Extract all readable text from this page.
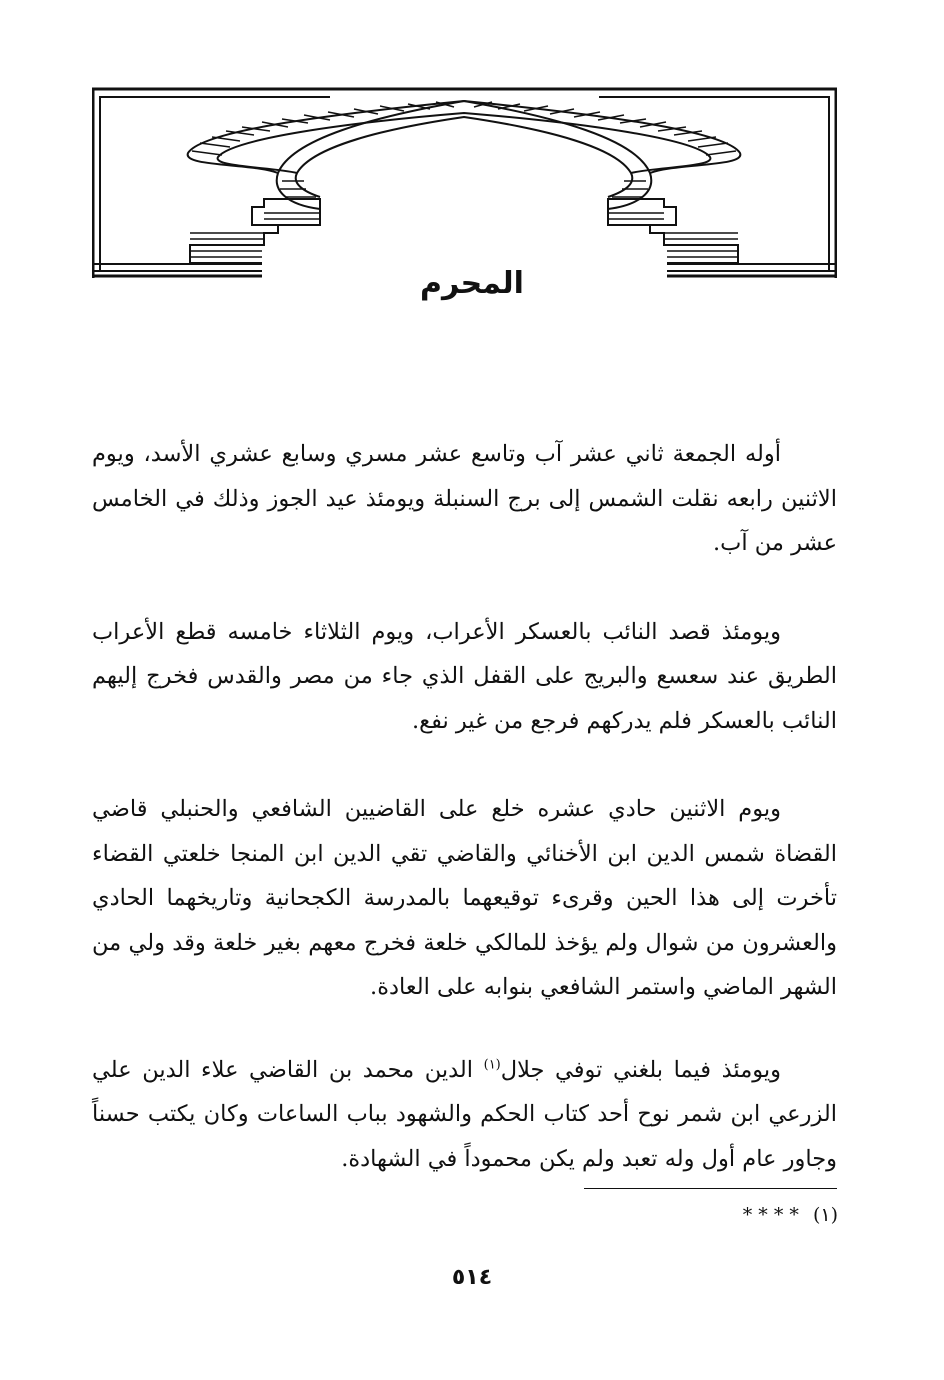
المحرم

أوله الجمعة ثاني عشر آب وتاسع عشر مسري وسابع عشري الأسد، ويوم الاثنين رابعه نقلت الشمس إلى برج السنبلة ويومئذ عيد الجوز وذلك في الخامس عشر من آب.

ويومئذ قصد النائب بالعسكر الأعراب، ويوم الثلاثاء خامسه قطع الأعراب الطريق عند سعسع والبريج على القفل الذي جاء من مصر والقدس فخرج إليهم النائب بالعسكر فلم يدركهم فرجع من غير نفع.

ويوم الاثنين حادي عشره خلع على القاضيين الشافعي والحنبلي قاضي القضاة شمس الدين ابن الأخنائي والقاضي تقي الدين ابن المنجا خلعتي القضاء تأخرت إلى هذا الحين وقرىء توقيعهما بالمدرسة الكجحانية وتاريخهما الحادي والعشرون من شوال ولم يؤخذ للمالكي خلعة فخرج معهم بغير خلعة وقد ولي من الشهر الماضي واستمر الشافعي بنوابه على العادة.

ويومئذ فيما بلغني توفي جلال$^{(١)}$ الدين محمد بن القاضي علاء الدين علي الزرعي ابن شمر نوح أحد كتاب الحكم والشهود بباب الساعات وكان يكتب حسناً وجاور عام أول وله تعبد ولم يكن محموداً في الشهادة.

(١) * * * *
٥١٤
